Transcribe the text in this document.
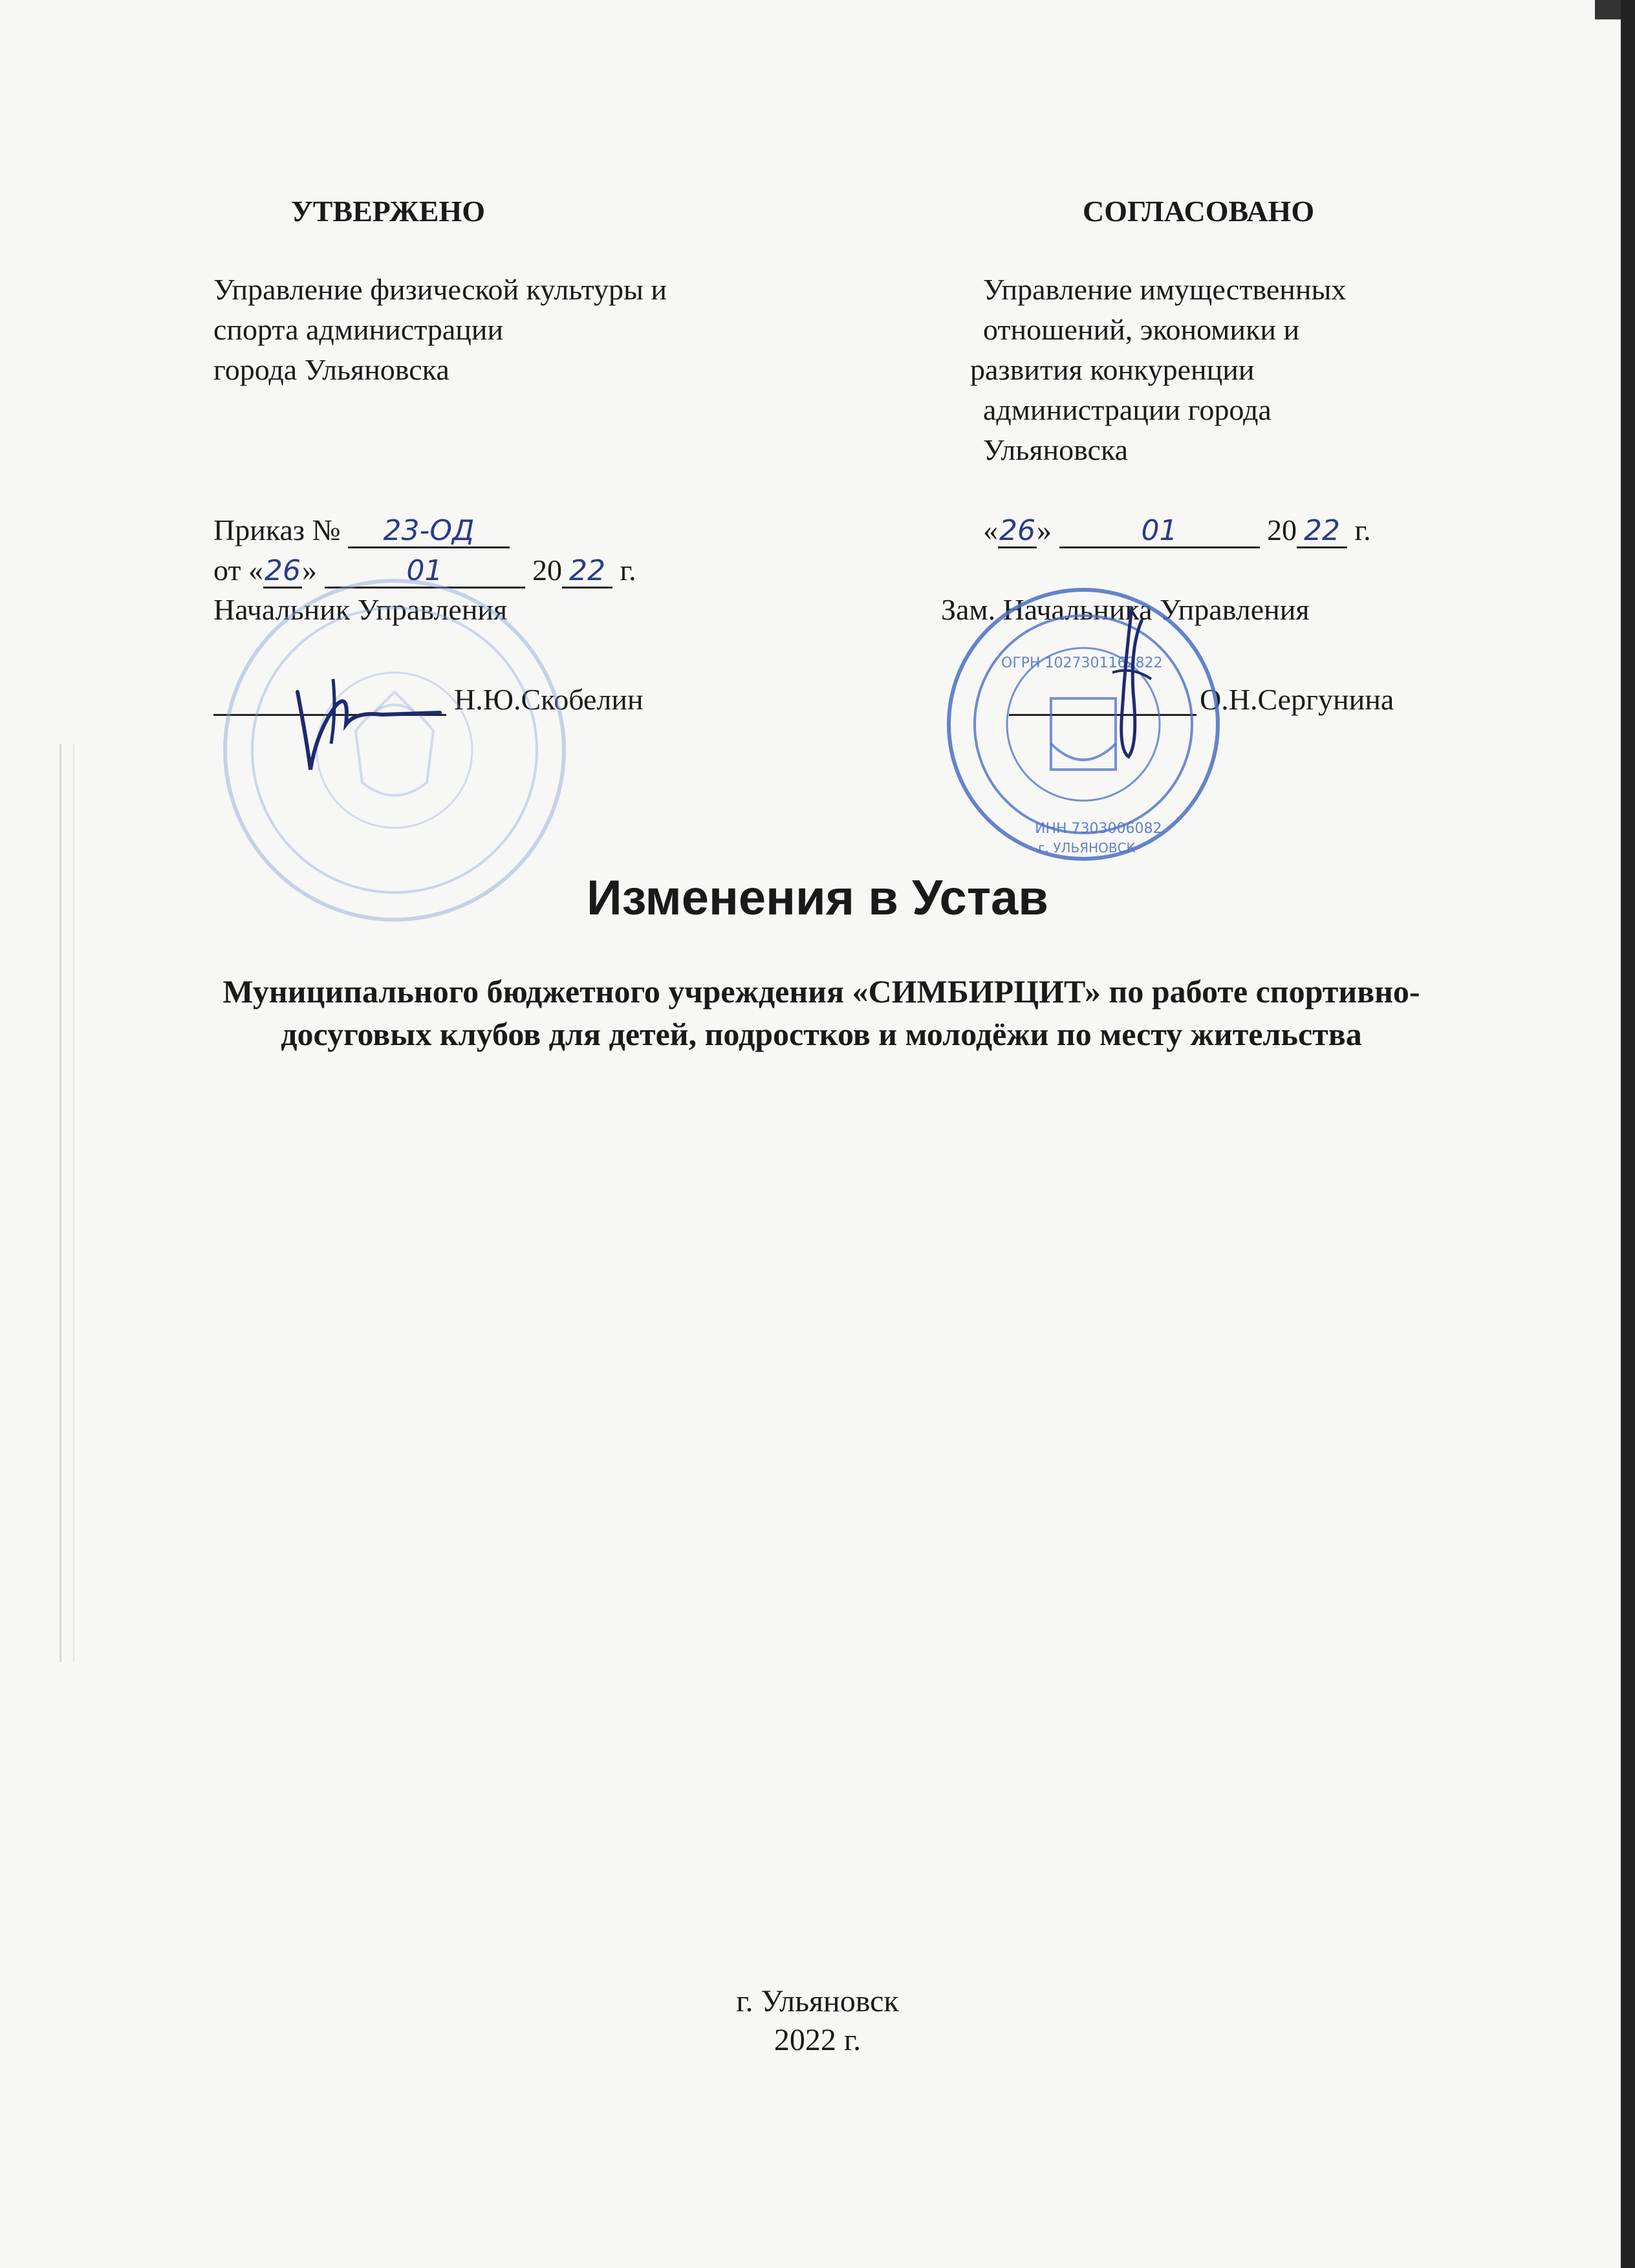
УТВЕРЖЕНО
Управление физической культуры и
спорта администрации
города Ульяновска
Приказ № 23-ОД
от «26»	01	20 22 г.
Начальник Управления
Н.Ю.Скобелин
СОГЛАСОВАНО
Управление имущественных
отношений, экономики и
развития конкуренции
администрации города
Ульяновска
«26»	01	20 22 г.
Зам. Начальника Управления
О.Н.Сергунина
ОГРН 1027301162822
ИНН 7303006082
г. УЛЬЯНОВСК
Изменения в Устав
Муниципального бюджетного учреждения «СИМБИРЦИТ» по работе спортивно-досуговых клубов для детей, подростков и молодёжи по месту жительства
г. Ульяновск
2022 г.
